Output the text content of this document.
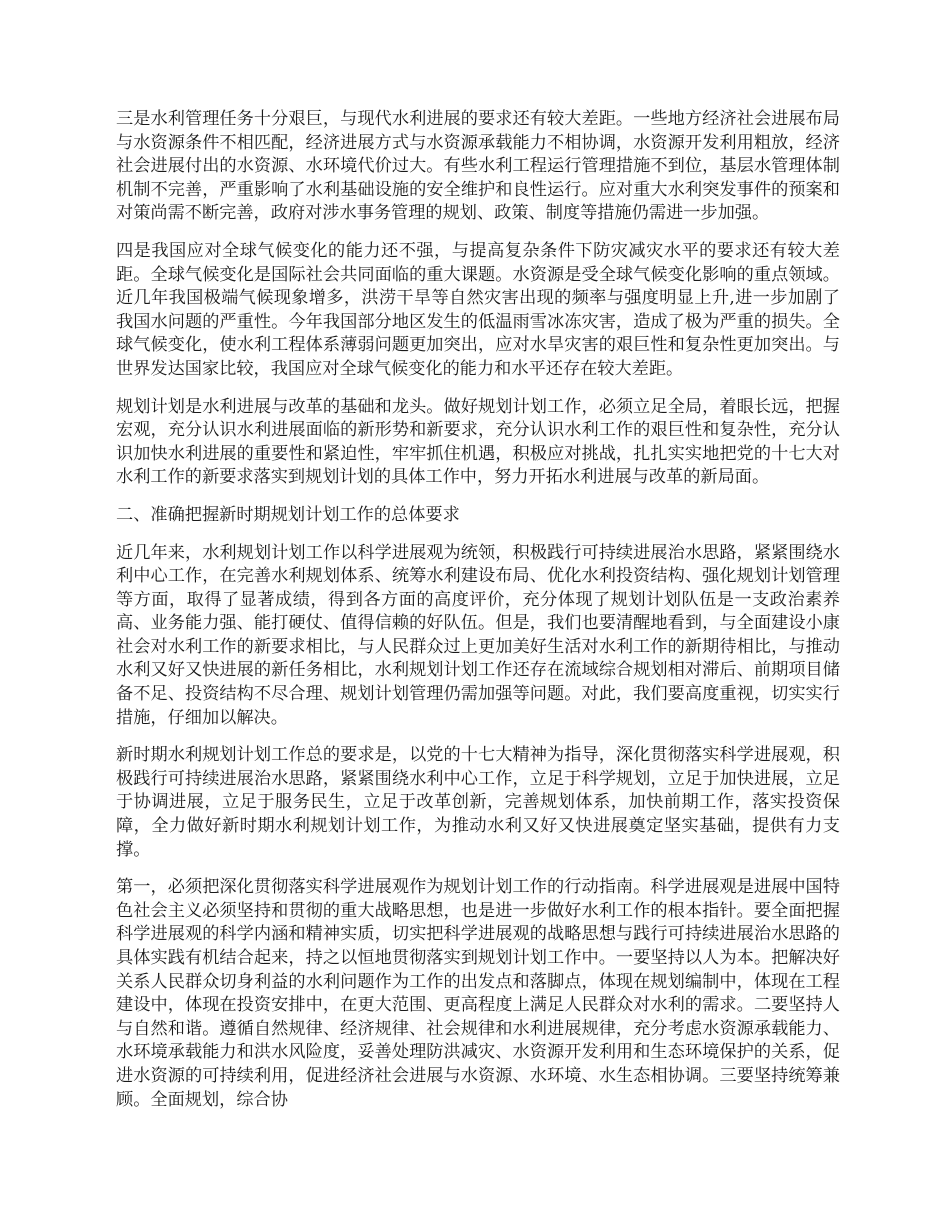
三是水利管理任务十分艰巨，与现代水利进展的要求还有较大差距。一些地方经济社会进展布局与水资源条件不相匹配，经济进展方式与水资源承载能力不相协调，水资源开发利用粗放，经济社会进展付出的水资源、水环境代价过大。有些水利工程运行管理措施不到位，基层水管理体制机制不完善，严重影响了水利基础设施的安全维护和良性运行。应对重大水利突发事件的预案和对策尚需不断完善，政府对涉水事务管理的规划、政策、制度等措施仍需进一步加强。

四是我国应对全球气候变化的能力还不强，与提高复杂条件下防灾减灾水平的要求还有较大差距。全球气候变化是国际社会共同面临的重大课题。水资源是受全球气候变化影响的重点领域。近几年我国极端气候现象增多，洪涝干旱等自然灾害出现的频率与强度明显上升,进一步加剧了我国水问题的严重性。今年我国部分地区发生的低温雨雪冰冻灾害，造成了极为严重的损失。全球气候变化，使水利工程体系薄弱问题更加突出，应对水旱灾害的艰巨性和复杂性更加突出。与世界发达国家比较，我国应对全球气候变化的能力和水平还存在较大差距。

规划计划是水利进展与改革的基础和龙头。做好规划计划工作，必须立足全局，着眼长远，把握宏观，充分认识水利进展面临的新形势和新要求，充分认识水利工作的艰巨性和复杂性，充分认识加快水利进展的重要性和紧迫性，牢牢抓住机遇，积极应对挑战，扎扎实实地把党的十七大对水利工作的新要求落实到规划计划的具体工作中，努力开拓水利进展与改革的新局面。

二、准确把握新时期规划计划工作的总体要求

近几年来，水利规划计划工作以科学进展观为统领，积极践行可持续进展治水思路，紧紧围绕水利中心工作，在完善水利规划体系、统筹水利建设布局、优化水利投资结构、强化规划计划管理等方面，取得了显著成绩，得到各方面的高度评价，充分体现了规划计划队伍是一支政治素养高、业务能力强、能打硬仗、值得信赖的好队伍。但是，我们也要清醒地看到，与全面建设小康社会对水利工作的新要求相比，与人民群众过上更加美好生活对水利工作的新期待相比，与推动水利又好又快进展的新任务相比，水利规划计划工作还存在流域综合规划相对滞后、前期项目储备不足、投资结构不尽合理、规划计划管理仍需加强等问题。对此，我们要高度重视，切实实行措施，仔细加以解决。

新时期水利规划计划工作总的要求是，以党的十七大精神为指导，深化贯彻落实科学进展观，积极践行可持续进展治水思路，紧紧围绕水利中心工作，立足于科学规划，立足于加快进展，立足于协调进展，立足于服务民生，立足于改革创新，完善规划体系，加快前期工作，落实投资保障，全力做好新时期水利规划计划工作，为推动水利又好又快进展奠定坚实基础，提供有力支撑。

第一，必须把深化贯彻落实科学进展观作为规划计划工作的行动指南。科学进展观是进展中国特色社会主义必须坚持和贯彻的重大战略思想，也是进一步做好水利工作的根本指针。要全面把握科学进展观的科学内涵和精神实质，切实把科学进展观的战略思想与践行可持续进展治水思路的具体实践有机结合起来，持之以恒地贯彻落实到规划计划工作中。一要坚持以人为本。把解决好关系人民群众切身利益的水利问题作为工作的出发点和落脚点，体现在规划编制中，体现在工程建设中，体现在投资安排中，在更大范围、更高程度上满足人民群众对水利的需求。二要坚持人与自然和谐。遵循自然规律、经济规律、社会规律和水利进展规律，充分考虑水资源承载能力、水环境承载能力和洪水风险度，妥善处理防洪减灾、水资源开发利用和生态环境保护的关系，促进水资源的可持续利用，促进经济社会进展与水资源、水环境、水生态相协调。三要坚持统筹兼顾。全面规划，综合协
